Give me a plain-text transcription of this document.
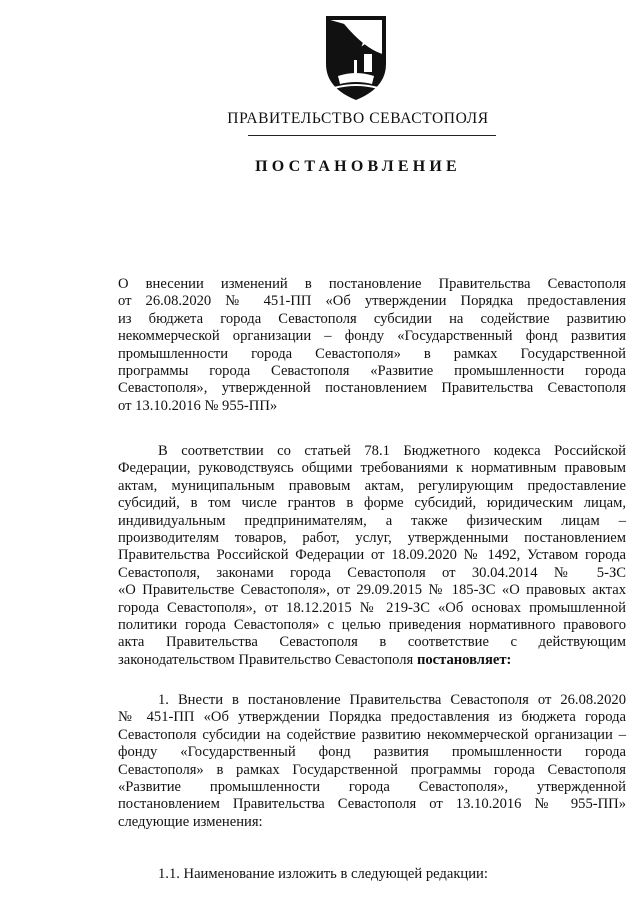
ПРАВИТЕЛЬСТВО СЕВАСТОПОЛЯ
ПОСТАНОВЛЕНИЕ
О внесении изменений в постановление Правительства Севастополя
от 26.08.2020 № 451-ПП «Об утверждении Порядка предоставления
из бюджета города Севастополя субсидии на содействие развитию
некоммерческой организации – фонду «Государственный фонд развития
промышленности города Севастополя» в рамках Государственной
программы города Севастополя «Развитие промышленности города
Севастополя», утвержденной постановлением Правительства Севастополя
от 13.10.2016 № 955-ПП»
В соответствии со статьей 78.1 Бюджетного кодекса Российской
Федерации, руководствуясь общими требованиями к нормативным правовым
актам, муниципальным правовым актам, регулирующим предоставление
субсидий, в том числе грантов в форме субсидий, юридическим лицам,
индивидуальным предпринимателям, а также физическим лицам –
производителям товаров, работ, услуг, утвержденными постановлением
Правительства Российской Федерации от 18.09.2020 № 1492, Уставом города
Севастополя, законами города Севастополя от 30.04.2014 № 5-ЗС
«О Правительстве Севастополя», от 29.09.2015 № 185-ЗС «О правовых актах
города Севастополя», от 18.12.2015 № 219-ЗС «Об основах промышленной
политики города Севастополя» с целью приведения нормативного правового
акта Правительства Севастополя в соответствие с действующим
законодательством Правительство Севастополя постановляет:
1. Внести в постановление Правительства Севастополя от 26.08.2020
№ 451-ПП «Об утверждении Порядка предоставления из бюджета города
Севастополя субсидии на содействие развитию некоммерческой организации –
фонду «Государственный фонд развития промышленности города
Севастополя» в рамках Государственной программы города Севастополя
«Развитие промышленности города Севастополя», утвержденной
постановлением Правительства Севастополя от 13.10.2016 № 955-ПП»
следующие изменения:
1.1. Наименование изложить в следующей редакции:
